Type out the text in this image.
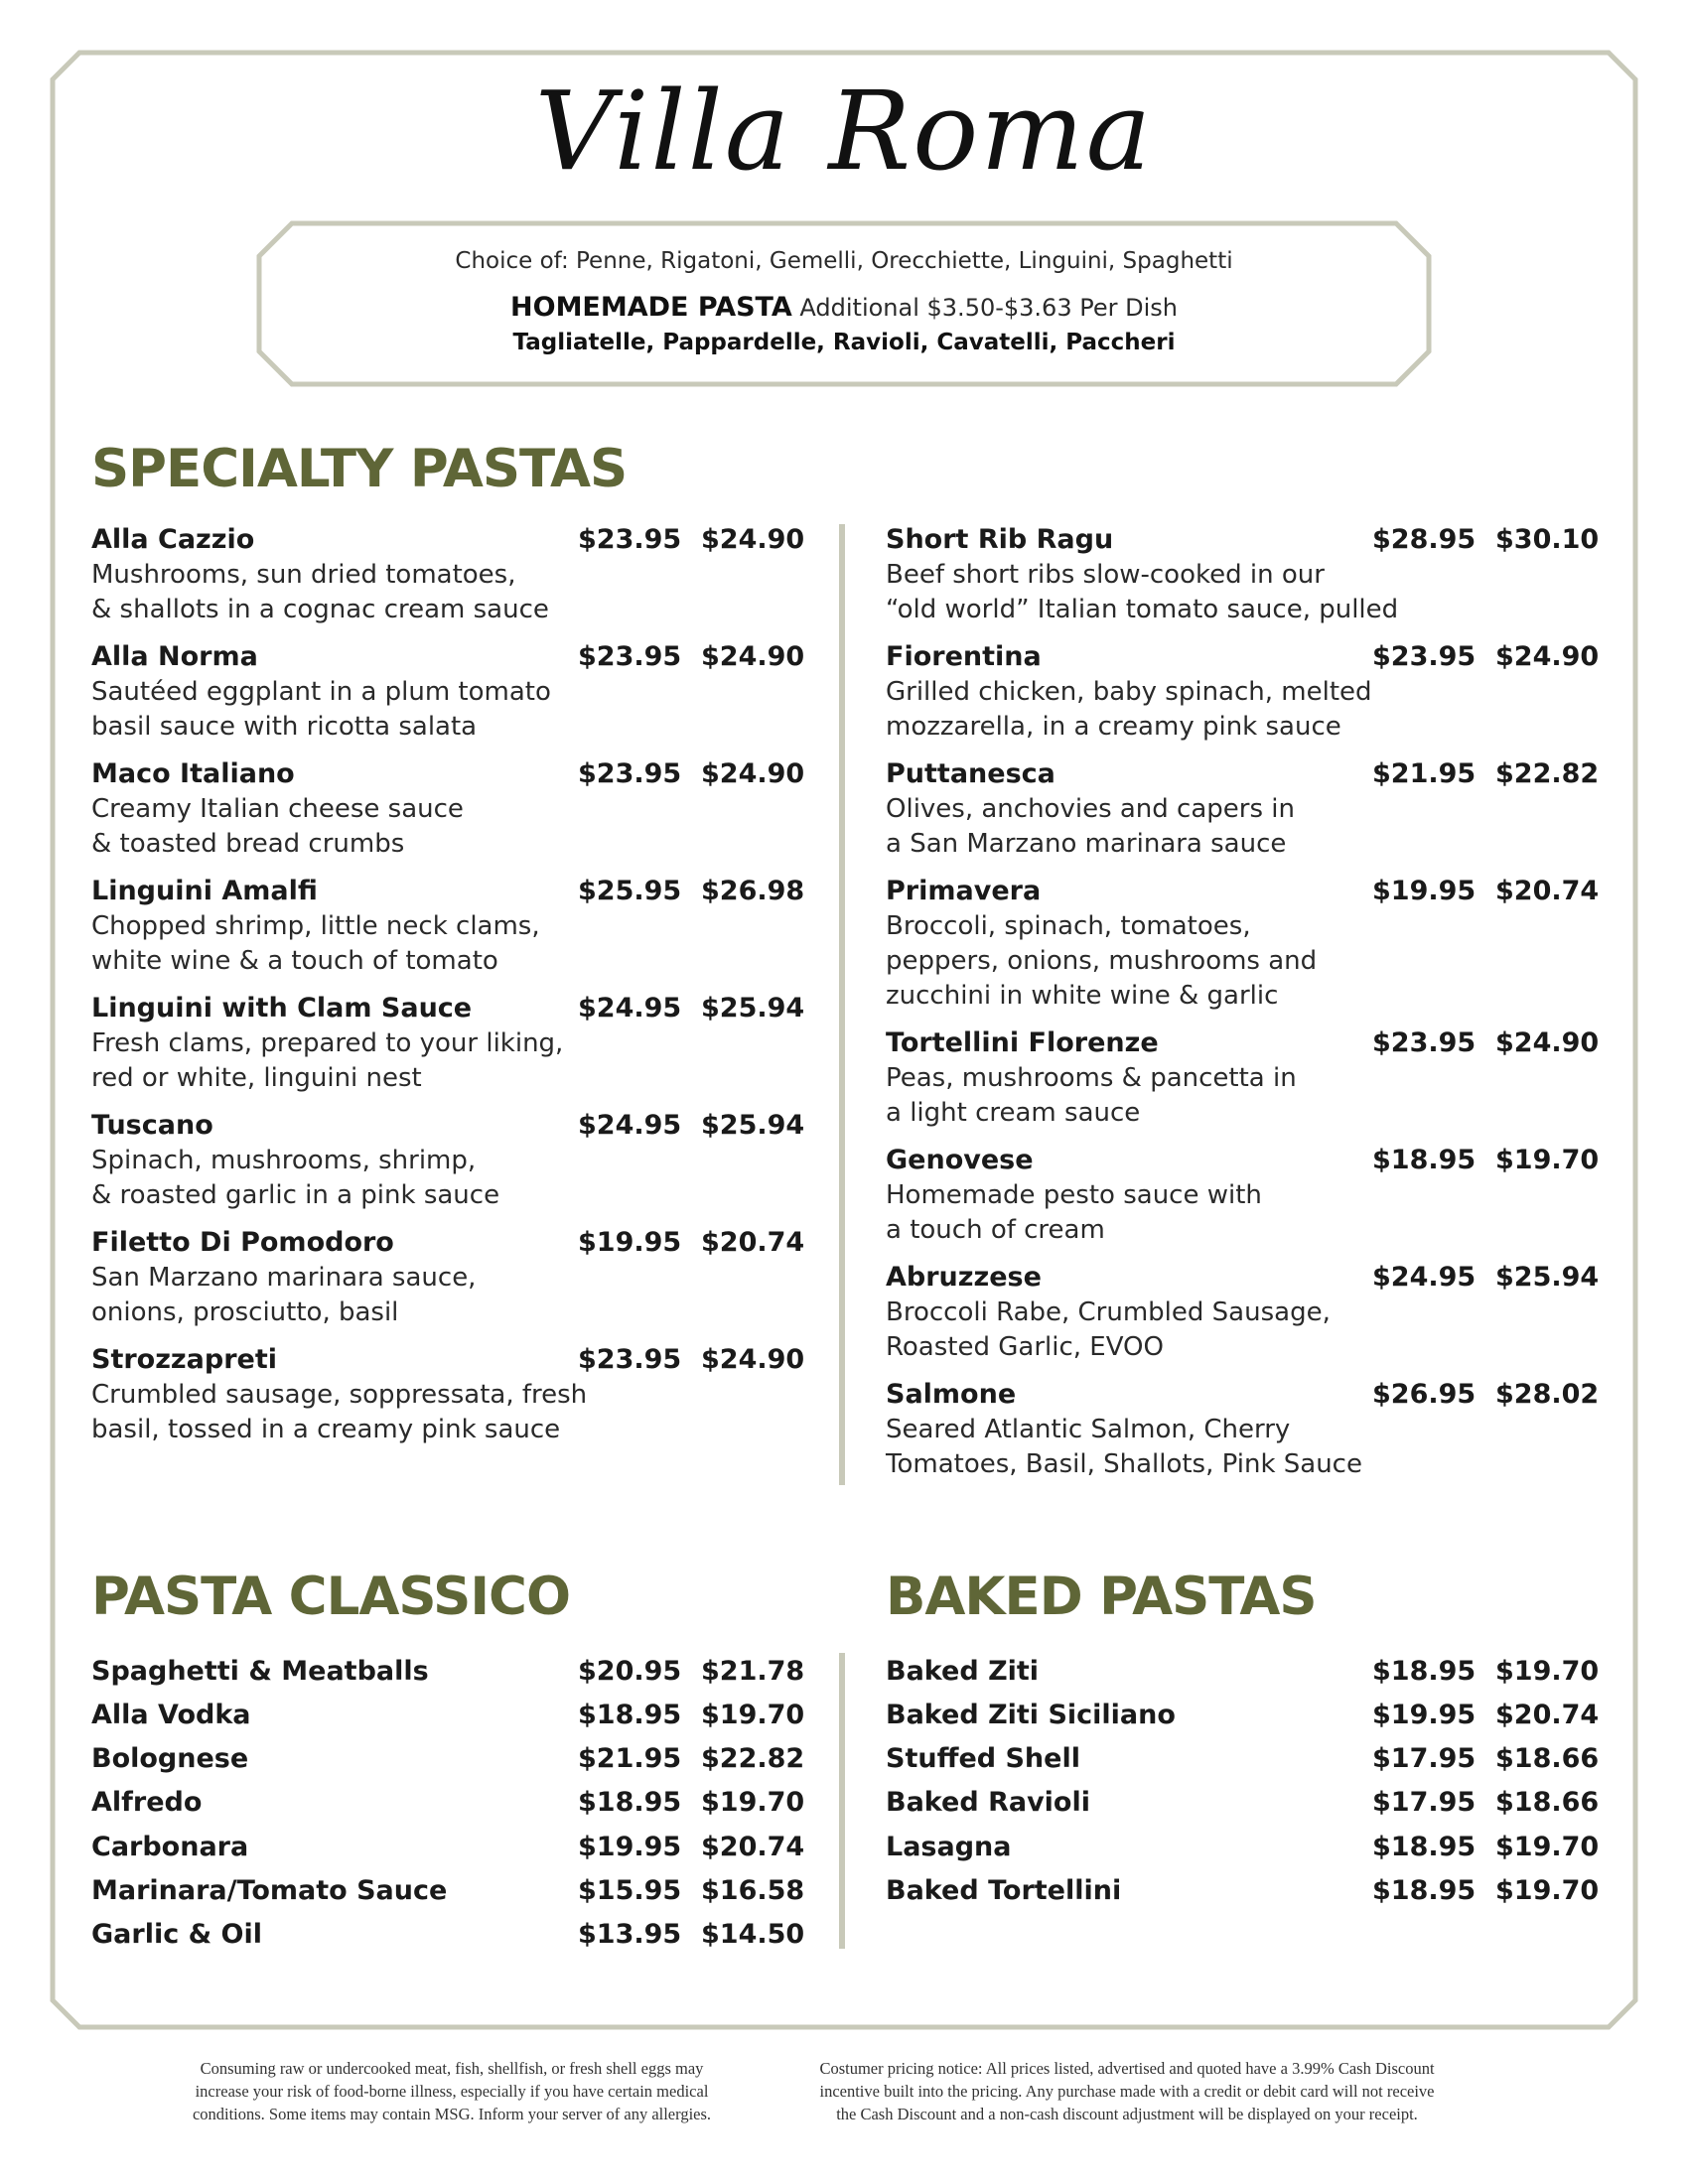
Villa Roma
Choice of: Penne, Rigatoni, Gemelli, Orecchiette, Linguini, Spaghetti
HOMEMADE PASTA Additional $3.50-$3.63 Per Dish
Tagliatelle, Pappardelle, Ravioli, Cavatelli, Paccheri
SPECIALTY PASTAS
PASTA CLASSICO	BAKED PASTAS
Alla Cazzio	$23.95 $24.90
Mushrooms, sun dried tomatoes,
& shallots in a cognac cream sauce
Alla Norma	$23.95 $24.90
Sautéed eggplant in a plum tomato
basil sauce with ricotta salata
Maco Italiano	$23.95 $24.90
Creamy Italian cheese sauce
& toasted bread crumbs
Linguini Amalfi	$25.95 $26.98
Chopped shrimp, little neck clams,
white wine & a touch of tomato
Linguini with Clam Sauce	$24.95 $25.94
Fresh clams, prepared to your liking,
red or white, linguini nest
Tuscano	$24.95 $25.94
Spinach, mushrooms, shrimp,
& roasted garlic in a pink sauce
Filetto Di Pomodoro	$19.95 $20.74
San Marzano marinara sauce,
onions, prosciutto, basil
Strozzapreti	$23.95 $24.90
Crumbled sausage, soppressata, fresh
basil, tossed in a creamy pink sauce
Short Rib Ragu	$28.95 $30.10
Beef short ribs slow-cooked in our
“old world” Italian tomato sauce, pulled
Fiorentina	$23.95 $24.90
Grilled chicken, baby spinach, melted
mozzarella, in a creamy pink sauce
Puttanesca	$21.95 $22.82
Olives, anchovies and capers in
a San Marzano marinara sauce
Primavera	$19.95 $20.74
Broccoli, spinach, tomatoes,
peppers, onions, mushrooms and
zucchini in white wine & garlic
Tortellini Florenze	$23.95 $24.90
Peas, mushrooms & pancetta in
a light cream sauce
Genovese	$18.95 $19.70
Homemade pesto sauce with
a touch of cream
Abruzzese	$24.95 $25.94
Broccoli Rabe, Crumbled Sausage,
Roasted Garlic, EVOO
Salmone	$26.95 $28.02
Seared Atlantic Salmon, Cherry
Tomatoes, Basil, Shallots, Pink Sauce
Spaghetti & Meatballs	$20.95 $21.78
Alla Vodka	$18.95 $19.70
Bolognese	$21.95 $22.82
Alfredo	$18.95 $19.70
Carbonara	$19.95 $20.74
Marinara/Tomato Sauce	$15.95 $16.58
Garlic & Oil	$13.95 $14.50
Baked Ziti	$18.95 $19.70
Baked Ziti Siciliano	$19.95 $20.74
Stuffed Shell	$17.95 $18.66
Baked Ravioli	$17.95 $18.66
Lasagna	$18.95 $19.70
Baked Tortellini	$18.95 $19.70
Consuming raw or undercooked meat, fish, shellfish, or fresh shell eggs may
increase your risk of food-borne illness, especially if you have certain medical
conditions. Some items may contain MSG. Inform your server of any allergies.
Costumer pricing notice: All prices listed, advertised and quoted have a 3.99% Cash Discount
incentive built into the pricing. Any purchase made with a credit or debit card will not receive
the Cash Discount and a non-cash discount adjustment will be displayed on your receipt.
